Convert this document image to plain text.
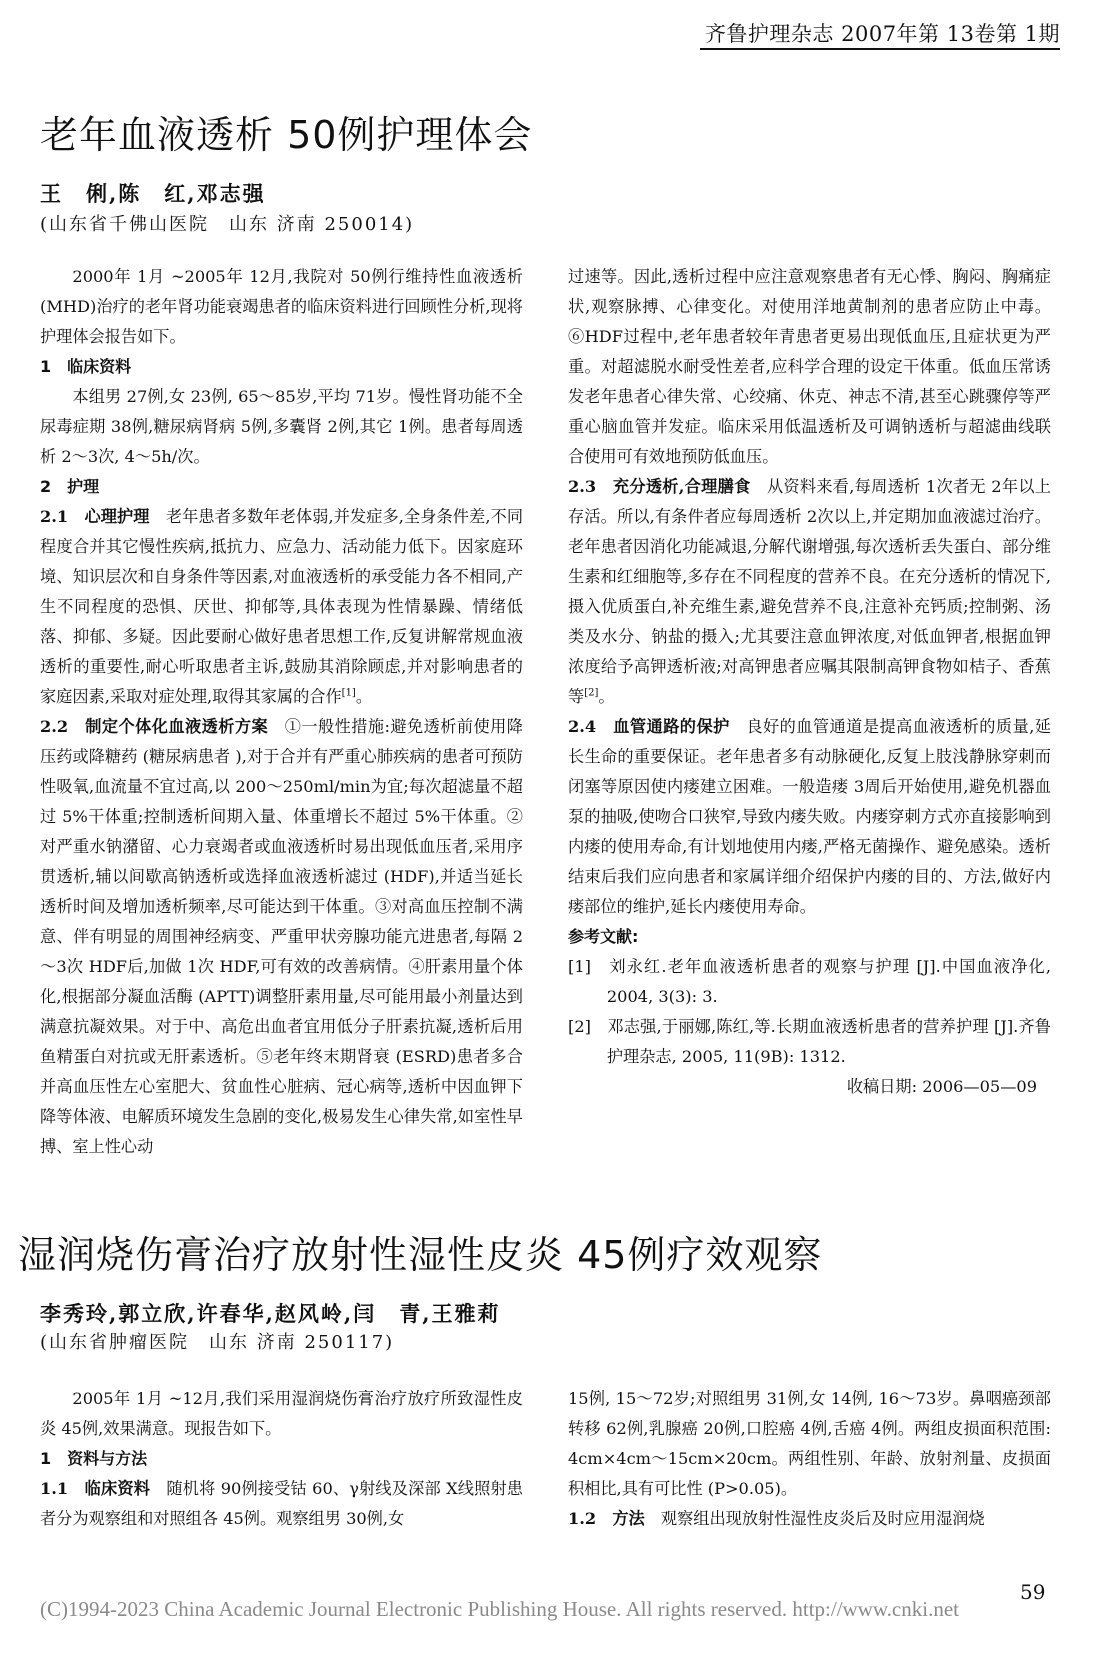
齐鲁护理杂志 2007年第 13卷第 1期
老年血液透析 50例护理体会
王　俐,陈　红,邓志强
(山东省千佛山医院　山东 济南 250014)

2000年 1月 ~2005年 12月,我院对 50例行维持性血液透析 (MHD)治疗的老年肾功能衰竭患者的临床资料进行回顾性分析,现将护理体会报告如下。

1　临床资料

本组男 27例,女 23例, 65～85岁,平均 71岁。慢性肾功能不全尿毒症期 38例,糖尿病肾病 5例,多囊肾 2例,其它 1例。患者每周透析 2～3次, 4～5h/次。

2　护理

2.1　心理护理　老年患者多数年老体弱,并发症多,全身条件差,不同程度合并其它慢性疾病,抵抗力、应急力、活动能力低下。因家庭环境、知识层次和自身条件等因素,对血液透析的承受能力各不相同,产生不同程度的恐惧、厌世、抑郁等,具体表现为性情暴躁、情绪低落、抑郁、多疑。因此要耐心做好患者思想工作,反复讲解常规血液透析的重要性,耐心听取患者主诉,鼓励其消除顾虑,并对影响患者的家庭因素,采取对症处理,取得其家属的合作[1]。

2.2　制定个体化血液透析方案　①一般性措施:避免透析前使用降压药或降糖药 (糖尿病患者 ),对于合并有严重心肺疾病的患者可预防性吸氧,血流量不宜过高,以 200～250ml/min为宜;每次超滤量不超过 5%干体重;控制透析间期入量、体重增长不超过 5%干体重。②对严重水钠潴留、心力衰竭者或血液透析时易出现低血压者,采用序贯透析,辅以间歇高钠透析或选择血液透析滤过 (HDF),并适当延长透析时间及增加透析频率,尽可能达到干体重。③对高血压控制不满意、伴有明显的周围神经病变、严重甲状旁腺功能亢进患者,每隔 2～3次 HDF后,加做 1次 HDF,可有效的改善病情。④肝素用量个体化,根据部分凝血活酶 (APTT)调整肝素用量,尽可能用最小剂量达到满意抗凝效果。对于中、高危出血者宜用低分子肝素抗凝,透析后用鱼精蛋白对抗或无肝素透析。⑤老年终末期肾衰 (ESRD)患者多合并高血压性左心室肥大、贫血性心脏病、冠心病等,透析中因血钾下降等体液、电解质环境发生急剧的变化,极易发生心律失常,如室性早搏、室上性心动

过速等。因此,透析过程中应注意观察患者有无心悸、胸闷、胸痛症状,观察脉搏、心律变化。对使用洋地黄制剂的患者应防止中毒。⑥HDF过程中,老年患者较年青患者更易出现低血压,且症状更为严重。对超滤脱水耐受性差者,应科学合理的设定干体重。低血压常诱发老年患者心律失常、心绞痛、休克、神志不清,甚至心跳骤停等严重心脑血管并发症。临床采用低温透析及可调钠透析与超滤曲线联合使用可有效地预防低血压。

2.3　充分透析,合理膳食　从资料来看,每周透析 1次者无 2年以上存活。所以,有条件者应每周透析 2次以上,并定期加血液滤过治疗。老年患者因消化功能减退,分解代谢增强,每次透析丢失蛋白、部分维生素和红细胞等,多存在不同程度的营养不良。在充分透析的情况下,摄入优质蛋白,补充维生素,避免营养不良,注意补充钙质;控制粥、汤类及水分、钠盐的摄入;尤其要注意血钾浓度,对低血钾者,根据血钾浓度给予高钾透析液;对高钾患者应嘱其限制高钾食物如桔子、香蕉等[2]。

2.4　血管通路的保护　良好的血管通道是提高血液透析的质量,延长生命的重要保证。老年患者多有动脉硬化,反复上肢浅静脉穿刺而闭塞等原因使内瘘建立困难。一般造瘘 3周后开始使用,避免机器血泵的抽吸,使吻合口狭窄,导致内瘘失败。内瘘穿刺方式亦直接影响到内瘘的使用寿命,有计划地使用内瘘,严格无菌操作、避免感染。透析结束后我们应向患者和家属详细介绍保护内瘘的目的、方法,做好内瘘部位的维护,延长内瘘使用寿命。

参考文献:

[1]　刘永红.老年血液透析患者的观察与护理 [J].中国血液净化, 2004, 3(3): 3.

[2]　邓志强,于丽娜,陈红,等.长期血液透析患者的营养护理 [J].齐鲁护理杂志, 2005, 11(9B): 1312.

收稿日期: 2006—05—09

湿润烧伤膏治疗放射性湿性皮炎 45例疗效观察
李秀玲,郭立欣,许春华,赵风岭,闫　青,王雅莉
(山东省肿瘤医院　山东 济南 250117)

2005年 1月 ~12月,我们采用湿润烧伤膏治疗放疗所致湿性皮炎 45例,效果满意。现报告如下。

1　资料与方法

1.1　临床资料　随机将 90例接受钴 60、γ射线及深部 X线照射患者分为观察组和对照组各 45例。观察组男 30例,女

15例, 15～72岁;对照组男 31例,女 14例, 16～73岁。鼻咽癌颈部转移 62例,乳腺癌 20例,口腔癌 4例,舌癌 4例。两组皮损面积范围: 4cm×4cm～15cm×20cm。两组性别、年龄、放射剂量、皮损面积相比,具有可比性 (P>0.05)。

1.2　方法　观察组出现放射性湿性皮炎后及时应用湿润烧

59
(C)1994-2023 China Academic Journal Electronic Publishing House. All rights reserved. http://www.cnki.net
